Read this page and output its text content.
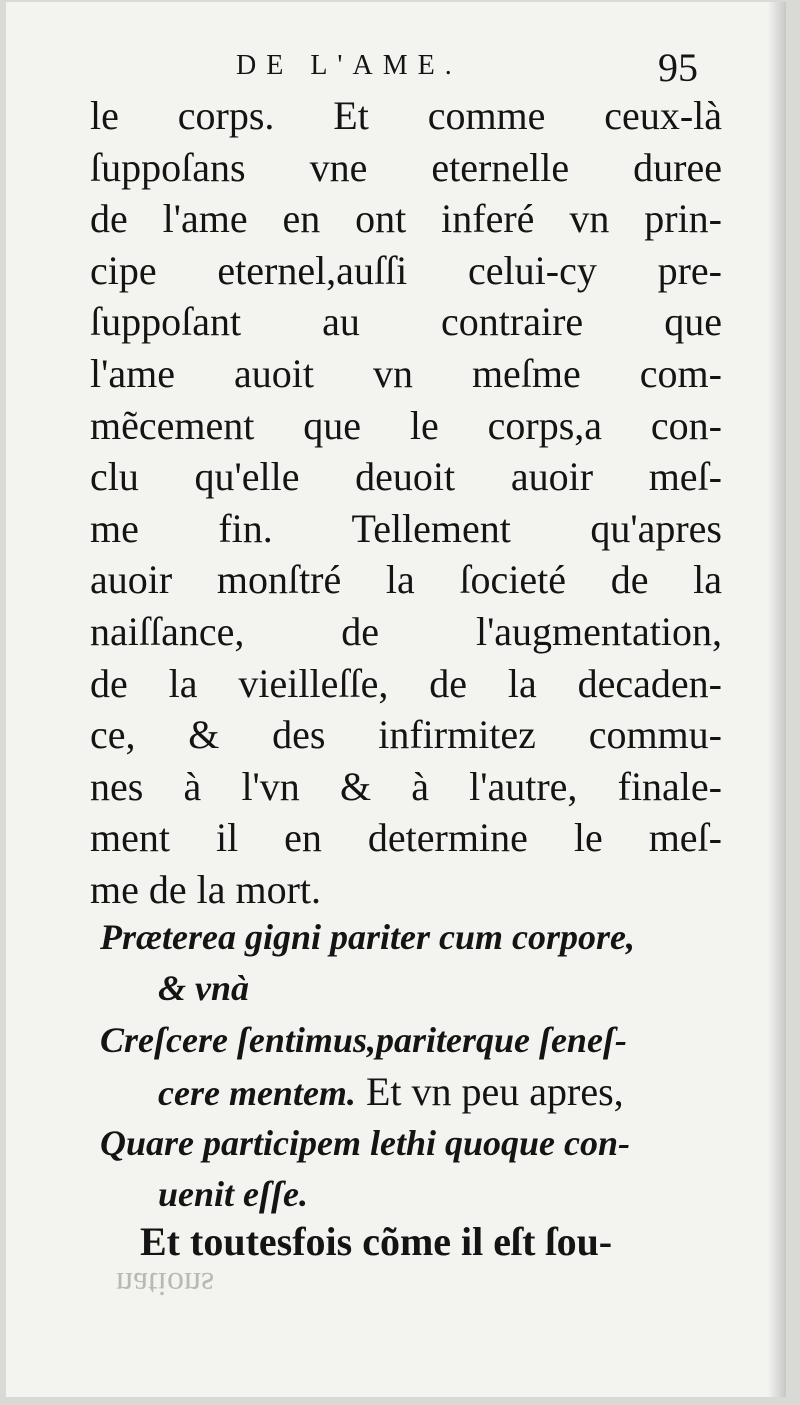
DE L'AME.	95
le corps. Et comme ceux-là
ſuppoſans vne eternelle duree
de l'ame en ont inferé vn prin-
cipe eternel,auſſi celui-cy pre-
ſuppoſant au contraire que
l'ame auoit vn meſme com-
mẽcement que le corps,a con-
clu qu'elle deuoit auoir meſ-
me fin. Tellement qu'apres
auoir monſtré la ſocieté de la
naiſſance, de l'augmentation,
de la vieilleſſe, de la decaden-
ce, & des infirmitez commu-
nes à l'vn & à l'autre, finale-
ment il en determine le meſ-
me de la mort.
Præterea gigni pariter cum corpore,
& vnà
Creſcere ſentimus,pariterque ſeneſ-
cere mentem. Et vn peu apres,
Quare participem lethi quoque con-
uenit eſſe.
Et toutesfois cõme il eſt ſou-
nations
